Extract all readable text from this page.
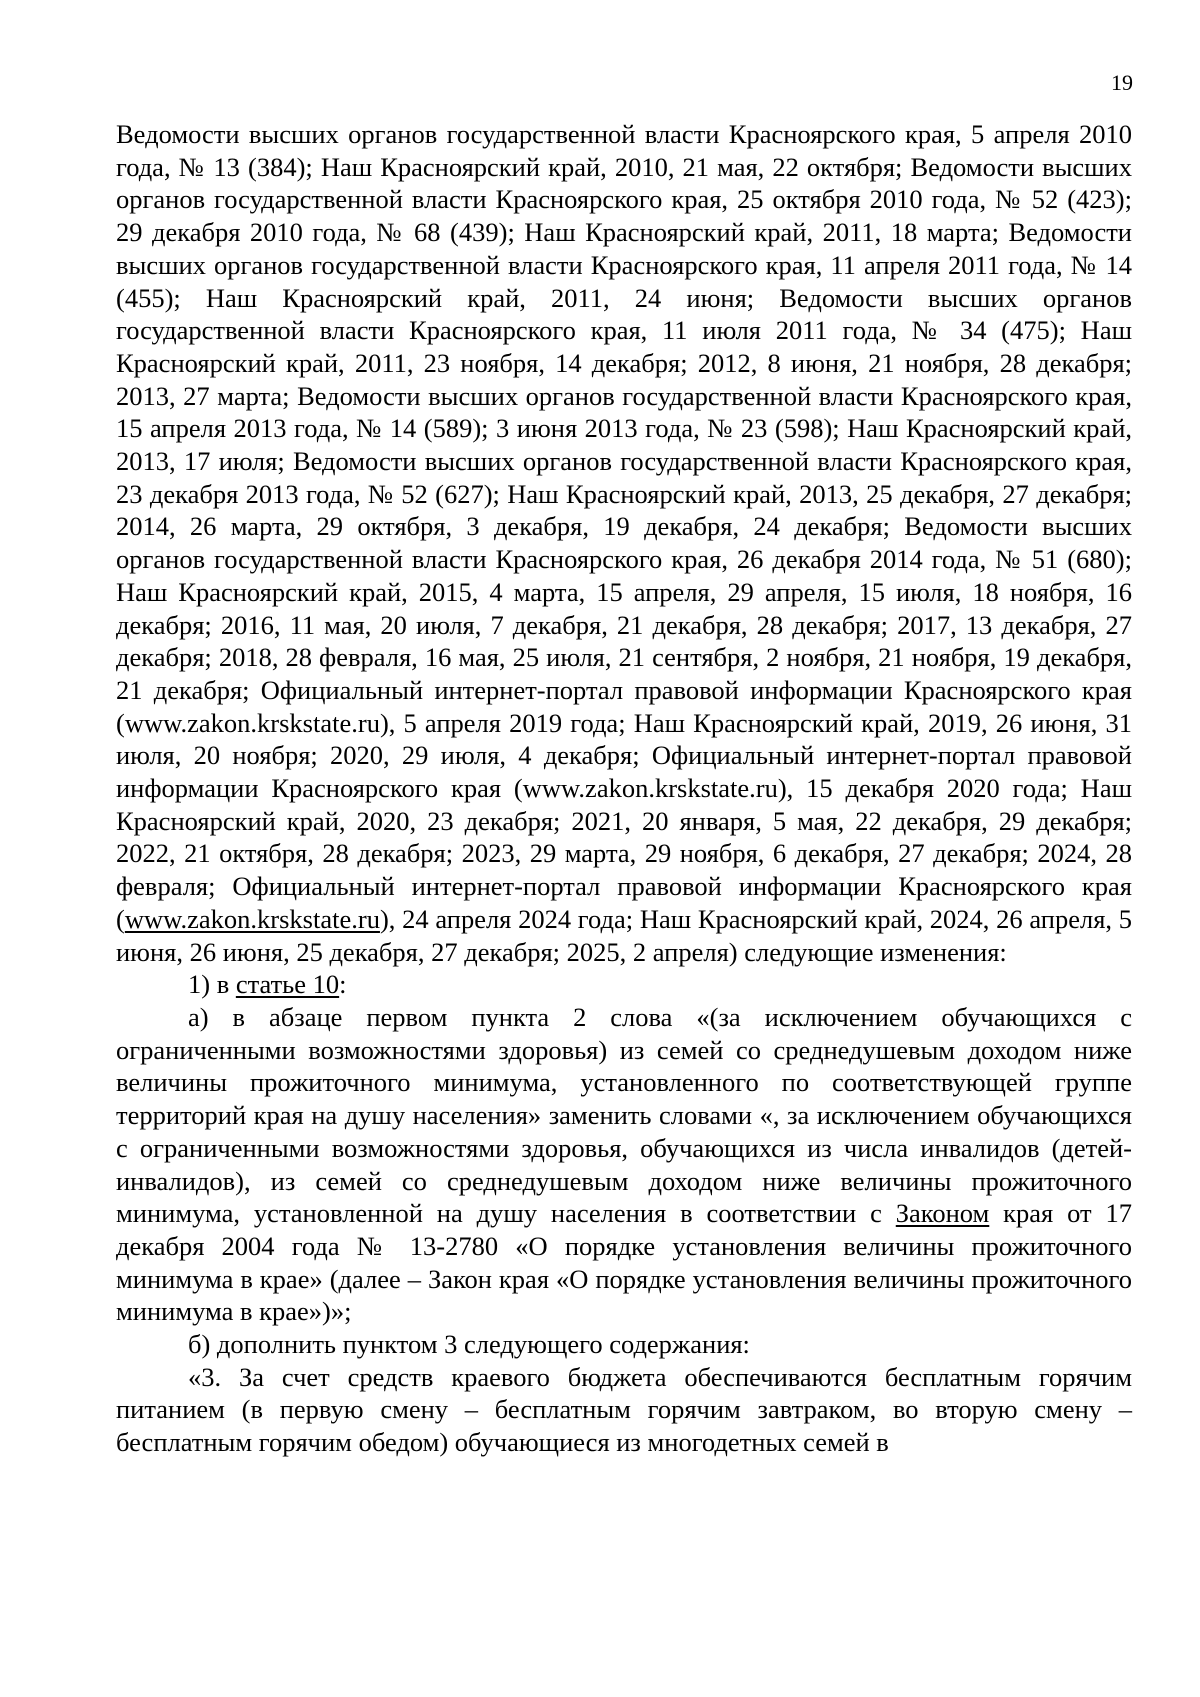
19

Ведомости высших органов государственной власти Красноярского края, 5 апреля 2010 года, № 13 (384); Наш Красноярский край, 2010, 21 мая, 22 октября; Ведомости высших органов государственной власти Красноярского края, 25 октября 2010 года, № 52 (423); 29 декабря 2010 года, № 68 (439); Наш Красноярский край, 2011, 18 марта; Ведомости высших органов государственной власти Красноярского края, 11 апреля 2011 года, № 14 (455); Наш Красноярский край, 2011, 24 июня; Ведомости высших органов государственной власти Красноярского края, 11 июля 2011 года, № 34 (475); Наш Красноярский край, 2011, 23 ноября, 14 декабря; 2012, 8 июня, 21 ноября, 28 декабря; 2013, 27 марта; Ведомости высших органов государственной власти Красноярского края, 15 апреля 2013 года, № 14 (589); 3 июня 2013 года, № 23 (598); Наш Красноярский край, 2013, 17 июля; Ведомости высших органов государственной власти Красноярского края, 23 декабря 2013 года, № 52 (627); Наш Красноярский край, 2013, 25 декабря, 27 декабря; 2014, 26 марта, 29 октября, 3 декабря, 19 декабря, 24 декабря; Ведомости высших органов государственной власти Красноярского края, 26 декабря 2014 года, № 51 (680); Наш Красноярский край, 2015, 4 марта, 15 апреля, 29 апреля, 15 июля, 18 ноября, 16 декабря; 2016, 11 мая, 20 июля, 7 декабря, 21 декабря, 28 декабря; 2017, 13 декабря, 27 декабря; 2018, 28 февраля, 16 мая, 25 июля, 21 сентября, 2 ноября, 21 ноября, 19 декабря, 21 декабря; Официальный интернет-портал правовой информации Красноярского края (www.zakon.krskstate.ru), 5 апреля 2019 года; Наш Красноярский край, 2019, 26 июня, 31 июля, 20 ноября; 2020, 29 июля, 4 декабря; Официальный интернет-портал правовой информации Красноярского края (www.zakon.krskstate.ru), 15 декабря 2020 года; Наш Красноярский край, 2020, 23 декабря; 2021, 20 января, 5 мая, 22 декабря, 29 декабря; 2022, 21 октября, 28 декабря; 2023, 29 марта, 29 ноября, 6 декабря, 27 декабря; 2024, 28 февраля; Официальный интернет-портал правовой информации Красноярского края (www.zakon.krskstate.ru), 24 апреля 2024 года; Наш Красноярский край, 2024, 26 апреля, 5 июня, 26 июня, 25 декабря, 27 декабря; 2025, 2 апреля) следующие изменения:

1) в статье 10:

а) в абзаце первом пункта 2 слова «(за исключением обучающихся с ограниченными возможностями здоровья) из семей со среднедушевым доходом ниже величины прожиточного минимума, установленного по соответствующей группе территорий края на душу населения» заменить словами «, за исключением обучающихся с ограниченными возможностями здоровья, обучающихся из числа инвалидов (детей-инвалидов), из семей со среднедушевым доходом ниже величины прожиточного минимума, установленной на душу населения в соответствии с Законом края от 17 декабря 2004 года № 13-2780 «О порядке установления величины прожиточного минимума в крае» (далее – Закон края «О порядке установления величины прожиточного минимума в крае»)»;

б) дополнить пунктом 3 следующего содержания:

«3. За счет средств краевого бюджета обеспечиваются бесплатным горячим питанием (в первую смену – бесплатным горячим завтраком, во вторую смену – бесплатным горячим обедом) обучающиеся из многодетных семей в
